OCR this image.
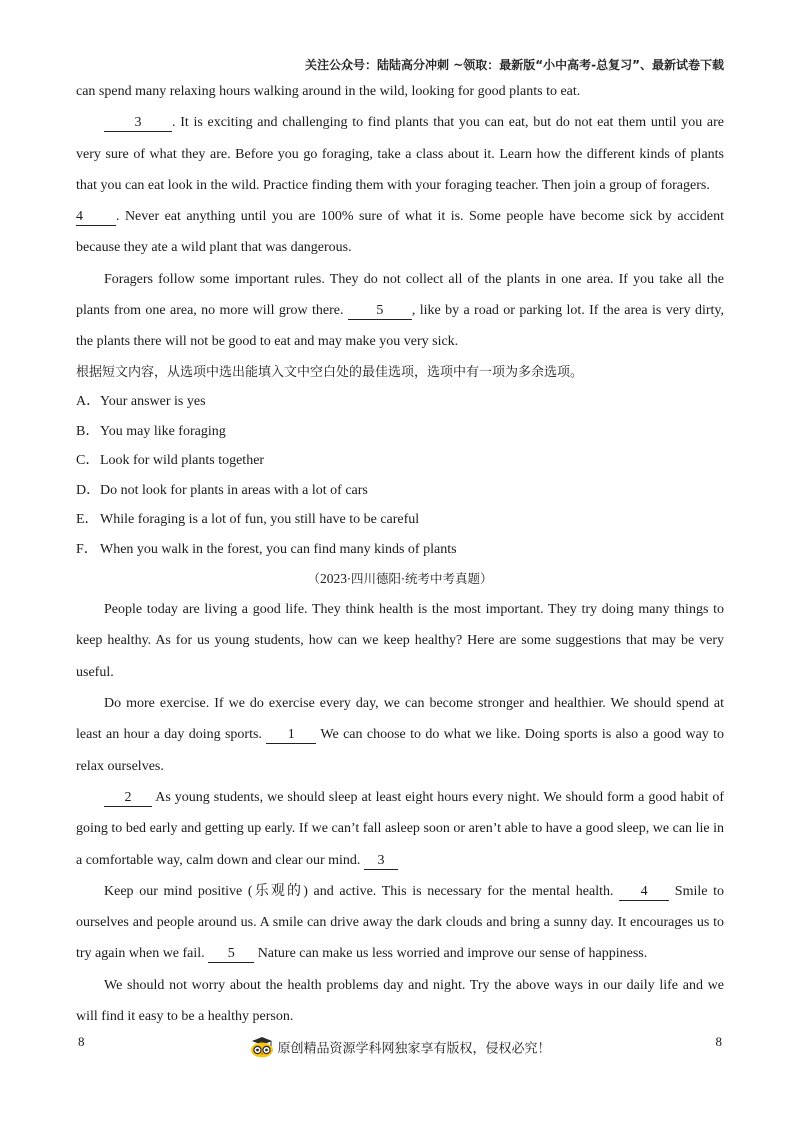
关注公众号：陆陆高分冲刺 ~领取：最新版“小中高考-总复习”、最新试卷下载

can spend many relaxing hours walking around in the wild, looking for good plants to eat.

3 . It is exciting and challenging to find plants that you can eat, but do not eat them until you are very sure of what they are. Before you go foraging, take a class about it. Learn how the different kinds of plants that you can eat look in the wild. Practice finding them with your foraging teacher. Then join a group of foragers.

4 . Never eat anything until you are 100% sure of what it is. Some people have become sick by accident because they ate a wild plant that was dangerous.

Foragers follow some important rules. They do not collect all of the plants in one area. If you take all the plants from one area, no more will grow there. 5 , like by a road or parking lot. If the area is very dirty, the plants there will not be good to eat and may make you very sick.

根据短文内容，从选项中选出能填入文中空白处的最佳选项，选项中有一项为多余选项。

A．Your answer is yes

B．You may like foraging

C．Look for wild plants together

D．Do not look for plants in areas with a lot of cars

E．While foraging is a lot of fun, you still have to be careful

F． When you walk in the forest, you can find many kinds of plants

（2023·四川德阳·统考中考真题）

People today are living a good life. They think health is the most important. They try doing many things to keep healthy. As for us young students, how can we keep healthy? Here are some suggestions that may be very useful.

Do more exercise. If we do exercise every day, we can become stronger and healthier. We should spend at least an hour a day doing sports. 1 We can choose to do what we like. Doing sports is also a good way to relax ourselves.

2 As young students, we should sleep at least eight hours every night. We should form a good habit of going to bed early and getting up early. If we can’t fall asleep soon or aren’t able to have a good sleep, we can lie in a comfortable way, calm down and clear our mind. 3

Keep our mind positive (乐观的) and active. This is necessary for the mental health. 4 Smile to ourselves and people around us. A smile can drive away the dark clouds and bring a sunny day. It encourages us to try again when we fail. 5 Nature can make us less worried and improve our sense of happiness.

We should not worry about the health problems day and night. Try the above ways in our daily life and we will find it easy to be a healthy person.

8	8
原创精品资源学科网独家享有版权，侵权必究！
